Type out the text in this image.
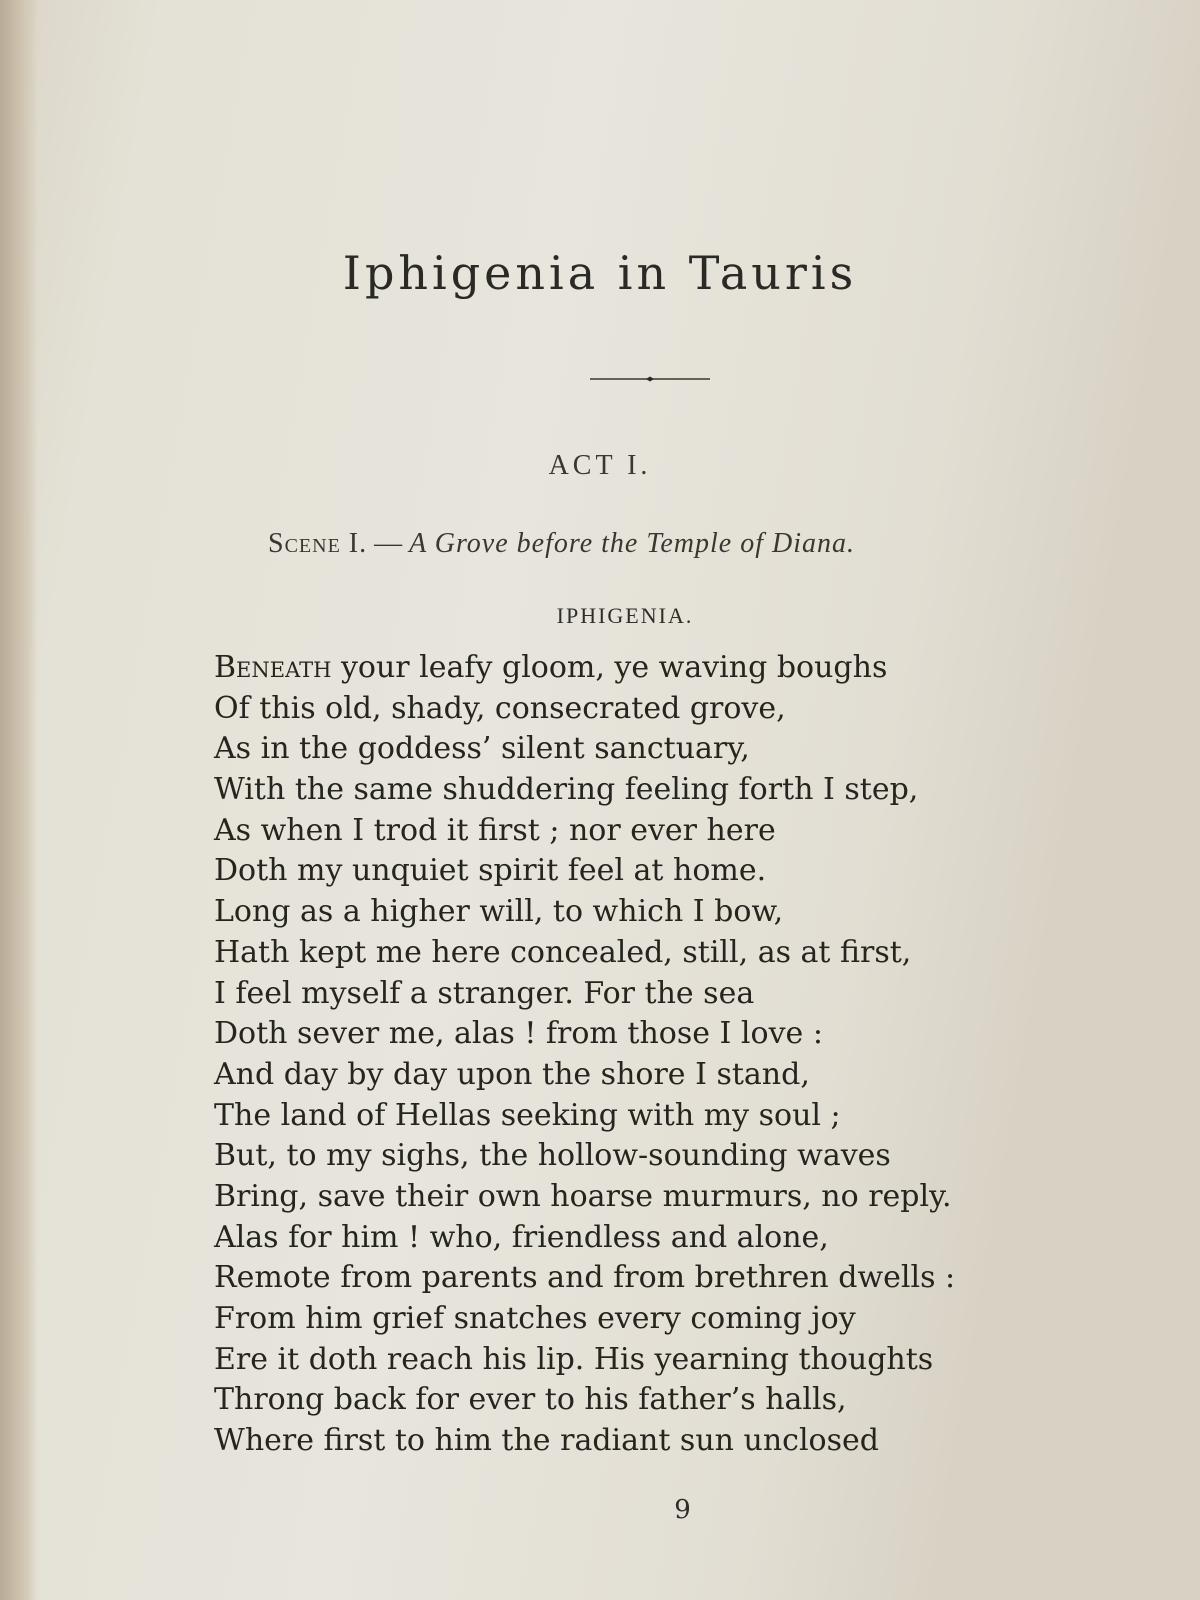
Iphigenia in Tauris
ACT I.
Scene I. — A Grove before the Temple of Diana.
IPHIGENIA.
Beneath your leafy gloom, ye waving boughs
Of this old, shady, consecrated grove,
As in the goddess’ silent sanctuary,
With the same shuddering feeling forth I step,
As when I trod it first ; nor ever here
Doth my unquiet spirit feel at home.
Long as a higher will, to which I bow,
Hath kept me here concealed, still, as at first,
I feel myself a stranger. For the sea
Doth sever me, alas ! from those I love :
And day by day upon the shore I stand,
The land of Hellas seeking with my soul ;
But, to my sighs, the hollow-sounding waves
Bring, save their own hoarse murmurs, no reply.
Alas for him ! who, friendless and alone,
Remote from parents and from brethren dwells :
From him grief snatches every coming joy
Ere it doth reach his lip. His yearning thoughts
Throng back for ever to his father’s halls,
Where first to him the radiant sun unclosed
9
